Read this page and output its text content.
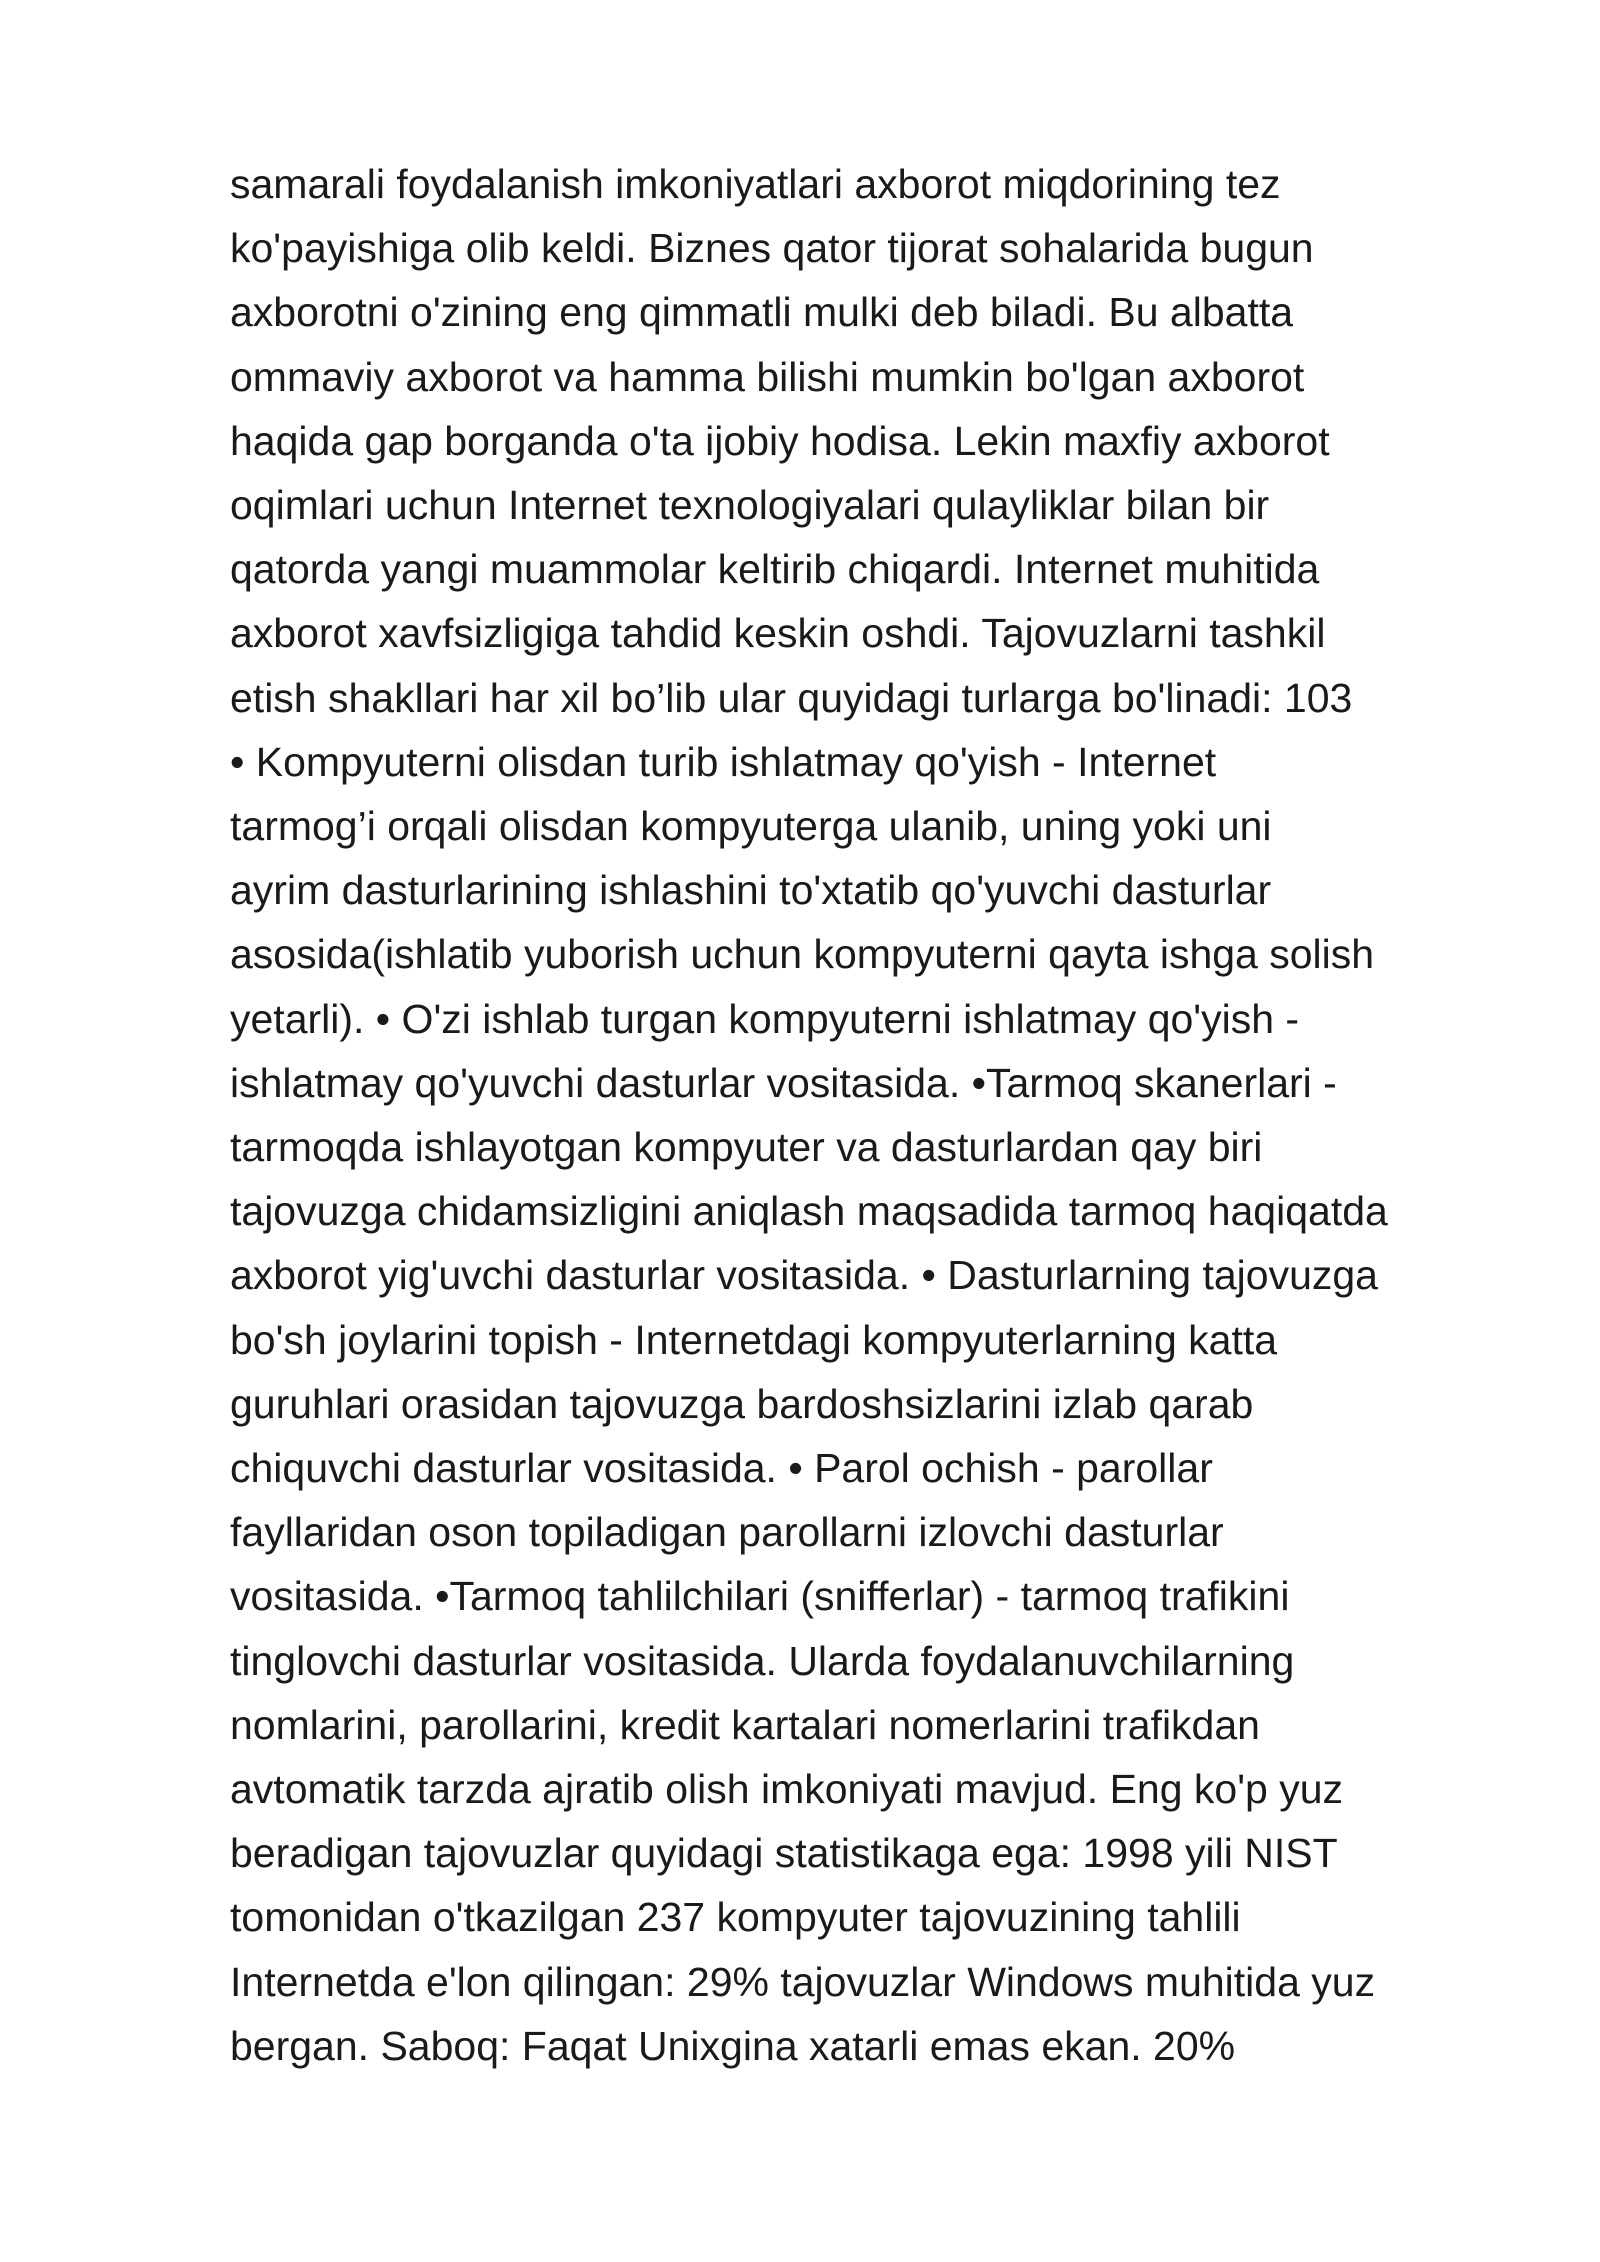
samarali foydalanish imkoniyatlari axborot miqdorining tez
ko'payishiga olib keldi. Biznes qator tijorat sohalarida bugun
axborotni o'zining eng qimmatli mulki deb biladi. Bu albatta
ommaviy axborot va hamma bilishi mumkin bo'lgan axborot
haqida gap borganda o'ta ijobiy hodisa. Lekin maxfiy axborot
oqimlari uchun Internet texnologiyalari qulayliklar bilan bir
qatorda yangi muammolar keltirib chiqardi. Internet muhitida
axborot xavfsizligiga tahdid keskin oshdi. Tajovuzlarni tashkil
etish shakllari har xil bo’lib ular quyidagi turlarga bo'linadi: 103
• Kompyuterni olisdan turib ishlatmay qo'yish - Internet
tarmog’i orqali olisdan kompyuterga ulanib, uning yoki uni
ayrim dasturlarining ishlashini to'xtatib qo'yuvchi dasturlar
asosida(ishlatib yuborish uchun kompyuterni qayta ishga solish
yetarli). • O'zi ishlab turgan kompyuterni ishlatmay qo'yish -
ishlatmay qo'yuvchi dasturlar vositasida. •Tarmoq skanerlari -
tarmoqda ishlayotgan kompyuter va dasturlardan qay biri
tajovuzga chidamsizligini aniqlash maqsadida tarmoq haqiqatda
axborot yig'uvchi dasturlar vositasida. • Dasturlarning tajovuzga
bo'sh joylarini topish - Internetdagi kompyuterlarning katta
guruhlari orasidan tajovuzga bardoshsizlarini izlab qarab
chiquvchi dasturlar vositasida. • Parol ochish - parollar
fayllaridan oson topiladigan parollarni izlovchi dasturlar
vositasida. •Tarmoq tahlilchilari (snifferlar) - tarmoq trafikini
tinglovchi dasturlar vositasida. Ularda foydalanuvchilarning
nomlarini, parollarini, kredit kartalari nomerlarini trafikdan
avtomatik tarzda ajratib olish imkoniyati mavjud. Eng ko'p yuz
beradigan tajovuzlar quyidagi statistikaga ega: 1998 yili NIST
tomonidan o'tkazilgan 237 kompyuter tajovuzining tahlili
Internetda e'lon qilingan: 29% tajovuzlar Windows muhitida yuz
bergan. Saboq: Faqat Unixgina xatarli emas ekan. 20%
